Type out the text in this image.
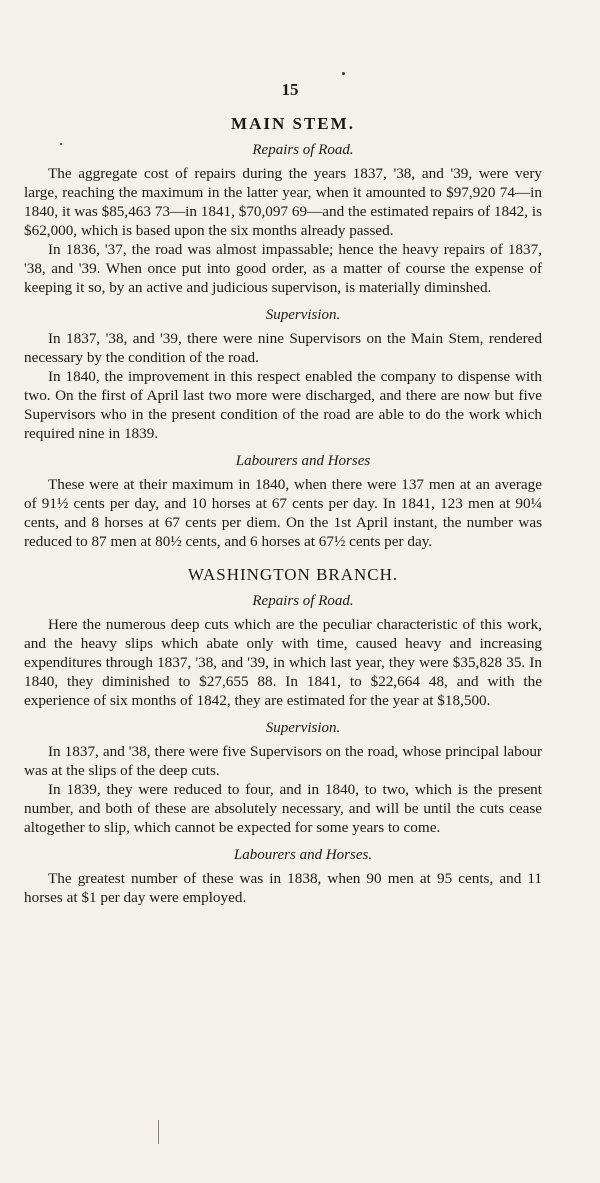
15
MAIN STEM.
Repairs of Road.

The aggregate cost of repairs during the years 1837, '38, and '39, were very large, reaching the maximum in the latter year, when it amounted to $97,920 74—in 1840, it was $85,463 73—in 1841, $70,097 69—and the estimated repairs of 1842, is $62,000, which is based upon the six months already passed.

In 1836, '37, the road was almost impassable; hence the heavy repairs of 1837, '38, and '39. When once put into good order, as a matter of course the expense of keeping it so, by an active and judicious supervison, is materially diminshed.

Supervision.

In 1837, '38, and '39, there were nine Supervisors on the Main Stem, rendered necessary by the condition of the road.

In 1840, the improvement in this respect enabled the company to dispense with two. On the first of April last two more were discharged, and there are now but five Supervisors who in the present condition of the road are able to do the work which required nine in 1839.

Labourers and Horses

These were at their maximum in 1840, when there were 137 men at an average of 91½ cents per day, and 10 horses at 67 cents per day. In 1841, 123 men at 90¼ cents, and 8 horses at 67 cents per diem. On the 1st April instant, the number was reduced to 87 men at 80½ cents, and 6 horses at 67½ cents per day.

WASHINGTON BRANCH.
Repairs of Road.

Here the numerous deep cuts which are the peculiar characteristic of this work, and the heavy slips which abate only with time, caused heavy and increasing expenditures through 1837, '38, and '39, in which last year, they were $35,828 35. In 1840, they diminished to $27,655 88. In 1841, to $22,664 48, and with the experience of six months of 1842, they are estimated for the year at $18,500.

Supervision.

In 1837, and '38, there were five Supervisors on the road, whose principal labour was at the slips of the deep cuts.

In 1839, they were reduced to four, and in 1840, to two, which is the present number, and both of these are absolutely necessary, and will be until the cuts cease altogether to slip, which cannot be expected for some years to come.

Labourers and Horses.

The greatest number of these was in 1838, when 90 men at 95 cents, and 11 horses at $1 per day were employed.
